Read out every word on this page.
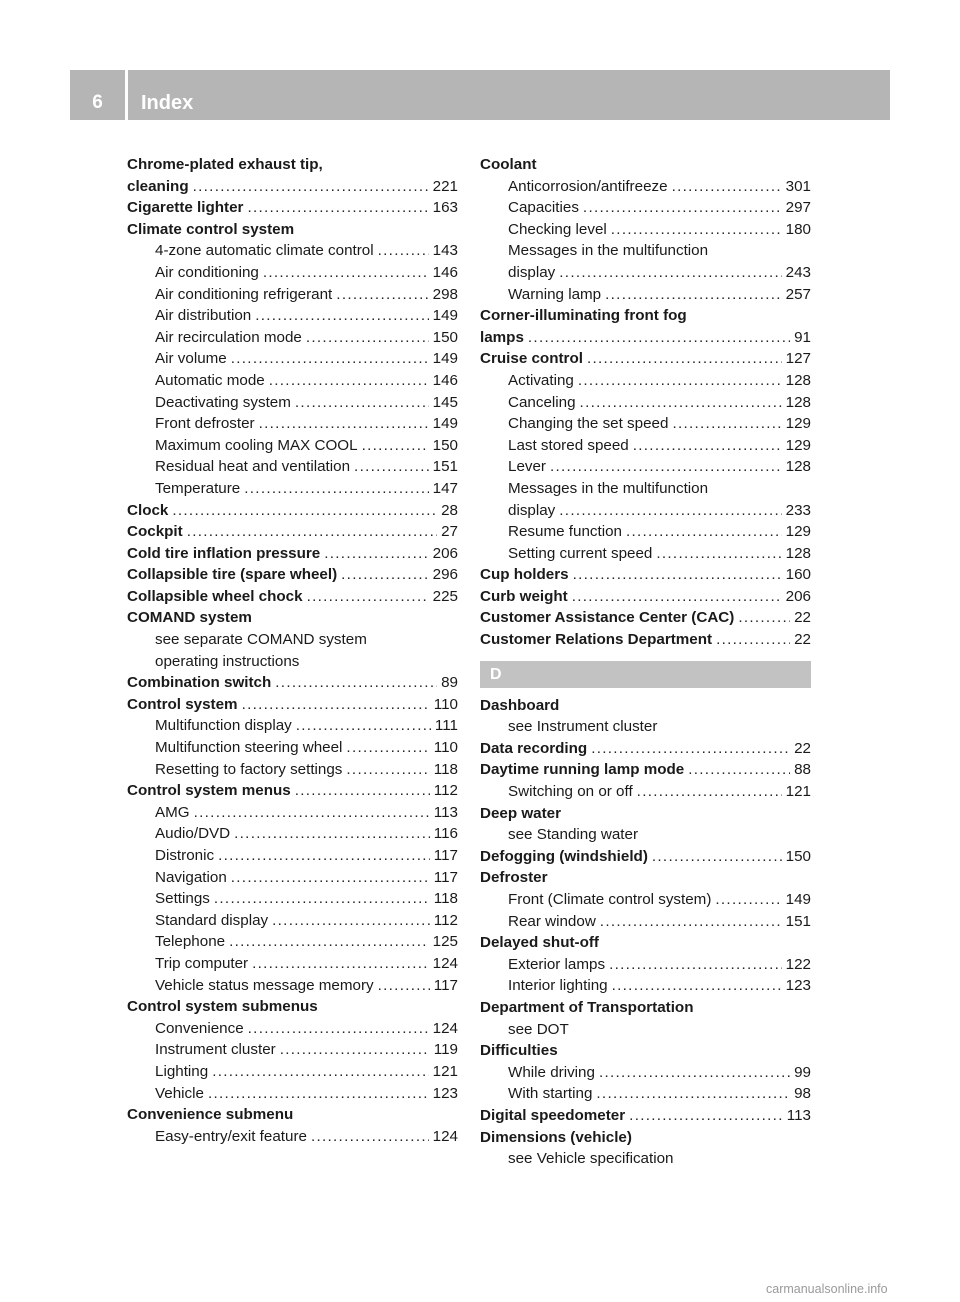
6	Index
Chrome-plated exhaust tip,
cleaning .....	221
Cigarette lighter .....	163
Climate control system
4-zone automatic climate control .....	143
Air conditioning .....	146
Air conditioning refrigerant .....	298
Air distribution .....	149
Air recirculation mode .....	150
Air volume .....	149
Automatic mode .....	146
Deactivating system .....	145
Front defroster .....	149
Maximum cooling MAX COOL .....	150
Residual heat and ventilation .....	151
Temperature .....	147
Clock .....	28
Cockpit .....	27
Cold tire inflation pressure .....	206
Collapsible tire (spare wheel) .....	296
Collapsible wheel chock .....	225
COMAND system
see separate COMAND system
operating instructions
Combination switch .....	89
Control system .....	110
Multifunction display .....	111
Multifunction steering wheel .....	110
Resetting to factory settings .....	118
Control system menus .....	112
AMG .....	113
Audio/DVD .....	116
Distronic .....	117
Navigation .....	117
Settings .....	118
Standard display .....	112
Telephone .....	125
Trip computer .....	124
Vehicle status message memory .....	117
Control system submenus
Convenience .....	124
Instrument cluster .....	119
Lighting .....	121
Vehicle .....	123
Convenience submenu
Easy-entry/exit feature .....	124
Coolant
Anticorrosion/antifreeze .....	301
Capacities .....	297
Checking level .....	180
Messages in the multifunction
display .....	243
Warning lamp .....	257
Corner-illuminating front fog
lamps .....	91
Cruise control .....	127
Activating .....	128
Canceling .....	128
Changing the set speed .....	129
Last stored speed .....	129
Lever .....	128
Messages in the multifunction
display .....	233
Resume function .....	129
Setting current speed .....	128
Cup holders .....	160
Curb weight .....	206
Customer Assistance Center (CAC) .....	22
Customer Relations Department .....	22
D
Dashboard
see Instrument cluster
Data recording .....	22
Daytime running lamp mode .....	88
Switching on or off .....	121
Deep water
see Standing water
Defogging (windshield) .....	150
Defroster
Front (Climate control system) .....	149
Rear window .....	151
Delayed shut-off
Exterior lamps .....	122
Interior lighting .....	123
Department of Transportation
see DOT
Difficulties
While driving .....	99
With starting .....	98
Digital speedometer .....	113
Dimensions (vehicle)
see Vehicle specification
carmanualsonline.info
